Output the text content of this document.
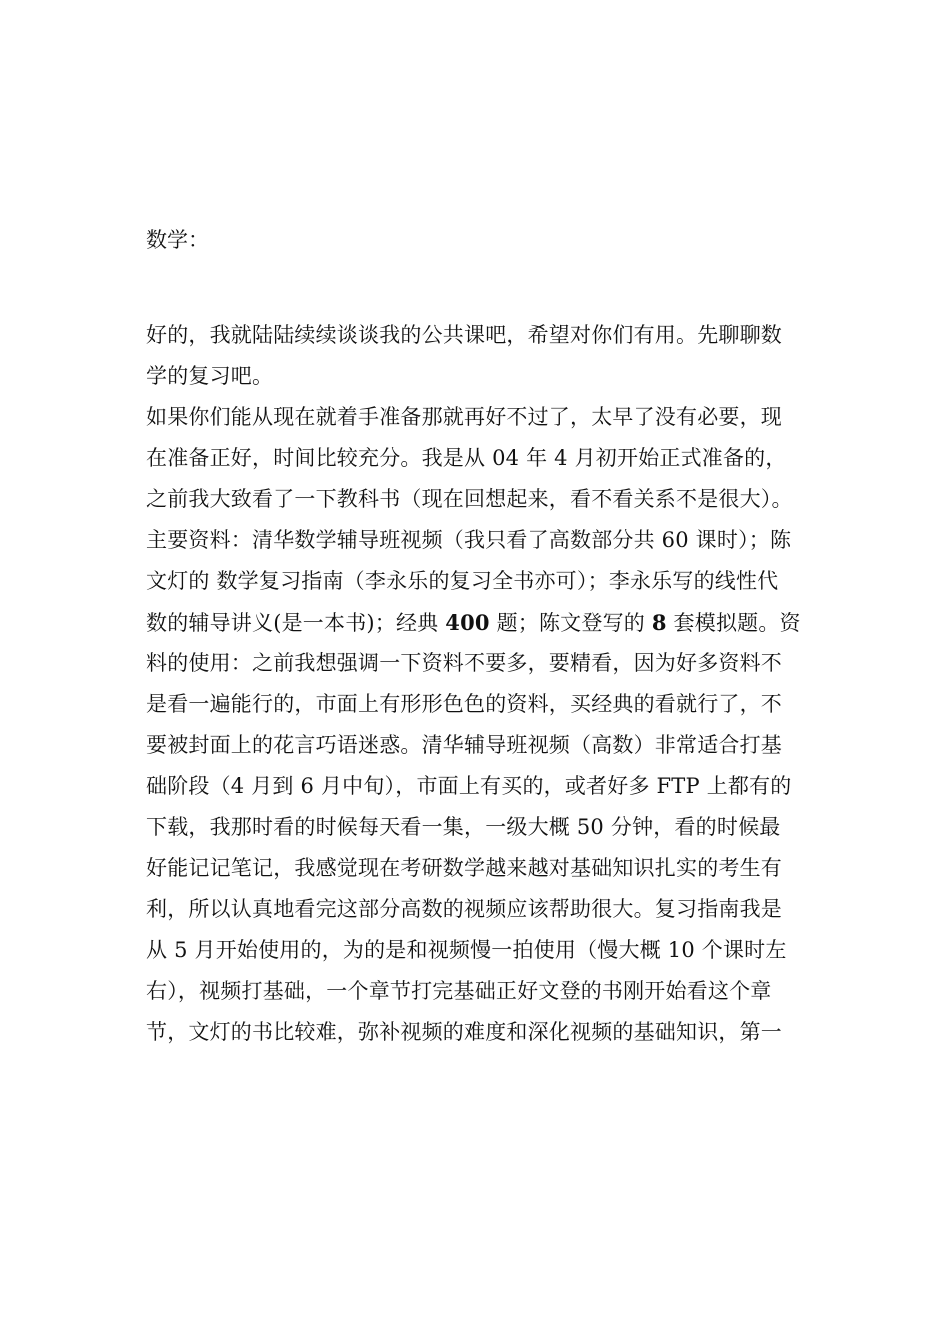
数学：
好的，我就陆陆续续谈谈我的公共课吧，希望对你们有用。先聊聊数
学的复习吧。
如果你们能从现在就着手准备那就再好不过了，太早了没有必要，现
在准备正好，时间比较充分。我是从 04 年 4 月初开始正式准备的，
之前我大致看了一下教科书（现在回想起来，看不看关系不是很大）。
主要资料：清华数学辅导班视频（我只看了高数部分共 60 课时）；陈
文灯的 数学复习指南（李永乐的复习全书亦可）；李永乐写的线性代
数的辅导讲义(是一本书)；经典 400 题；陈文登写的 8 套模拟题。资
料的使用：之前我想强调一下资料不要多，要精看，因为好多资料不
是看一遍能行的，市面上有形形色色的资料，买经典的看就行了，不
要被封面上的花言巧语迷惑。清华辅导班视频（高数）非常适合打基
础阶段（4 月到 6 月中旬），市面上有买的，或者好多 FTP 上都有的
下载，我那时看的时候每天看一集，一级大概 50 分钟，看的时候最
好能记记笔记，我感觉现在考研数学越来越对基础知识扎实的考生有
利，所以认真地看完这部分高数的视频应该帮助很大。复习指南我是
从 5 月开始使用的，为的是和视频慢一拍使用（慢大概 10 个课时左
右），视频打基础，一个章节打完基础正好文登的书刚开始看这个章
节，文灯的书比较难，弥补视频的难度和深化视频的基础知识，第一
